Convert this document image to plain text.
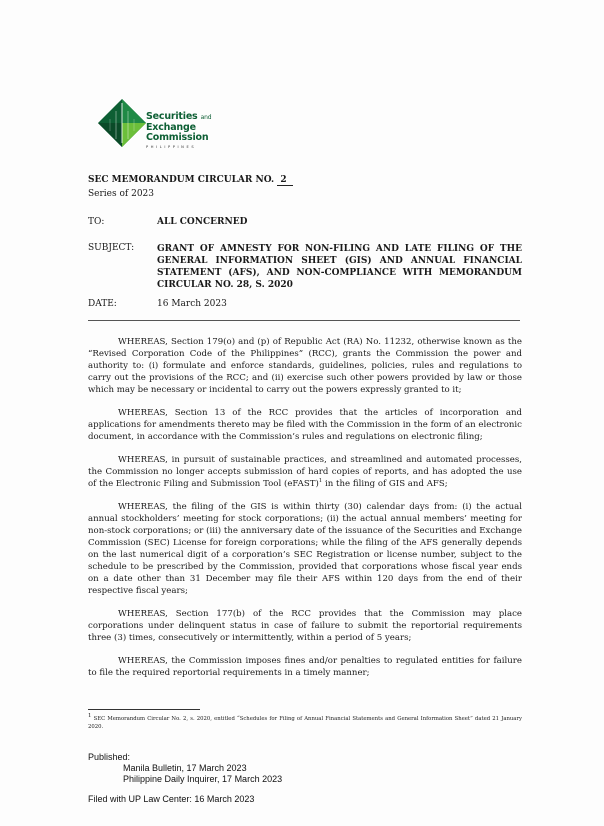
Securities and
Exchange
Commission
PHILIPPINES
SEC MEMORANDUM CIRCULAR NO. 2
Series of 2023
TO:	ALL CONCERNED
SUBJECT:	GRANT OF AMNESTY FOR NON-FILING AND LATE FILING OF THE GENERAL INFORMATION SHEET (GIS) AND ANNUAL FINANCIAL STATEMENT (AFS), AND NON-COMPLIANCE WITH MEMORANDUM CIRCULAR NO. 28, S. 2020
DATE:	16 March 2023

WHEREAS, Section 179(o) and (p) of Republic Act (RA) No. 11232, otherwise known as the “Revised Corporation Code of the Philippines” (RCC), grants the Commission the power and authority to: (i) formulate and enforce standards, guidelines, policies, rules and regulations to carry out the provisions of the RCC; and (ii) exercise such other powers provided by law or those which may be necessary or incidental to carry out the powers expressly granted to it;

WHEREAS, Section 13 of the RCC provides that the articles of incorporation and applications for amendments thereto may be filed with the Commission in the form of an electronic document, in accordance with the Commission’s rules and regulations on electronic filing;

WHEREAS, in pursuit of sustainable practices, and streamlined and automated processes, the Commission no longer accepts submission of hard copies of reports, and has adopted the use of the Electronic Filing and Submission Tool (eFAST)$^1$ in the filing of GIS and AFS;

WHEREAS, the filing of the GIS is within thirty (30) calendar days from: (i) the actual annual stockholders’ meeting for stock corporations; (ii) the actual annual members’ meeting for non-stock corporations; or (iii) the anniversary date of the issuance of the Securities and Exchange Commission (SEC) License for foreign corporations; while the filing of the AFS generally depends on the last numerical digit of a corporation’s SEC Registration or license number, subject to the schedule to be prescribed by the Commission, provided that corporations whose fiscal year ends on a date other than 31 December may file their AFS within 120 days from the end of their respective fiscal years;

WHEREAS, Section 177(b) of the RCC provides that the Commission may place corporations under delinquent status in case of failure to submit the reportorial requirements three (3) times, consecutively or intermittently, within a period of 5 years;

WHEREAS, the Commission imposes fines and/or penalties to regulated entities for failure to file the required reportorial requirements in a timely manner;

1 SEC Memorandum Circular No. 2, s. 2020, entitled “Schedules for Filing of Annual Financial Statements and General Information Sheet” dated 21 January 2020.
Published:
Manila Bulletin, 17 March 2023
Philippine Daily Inquirer, 17 March 2023
Filed with UP Law Center: 16 March 2023
